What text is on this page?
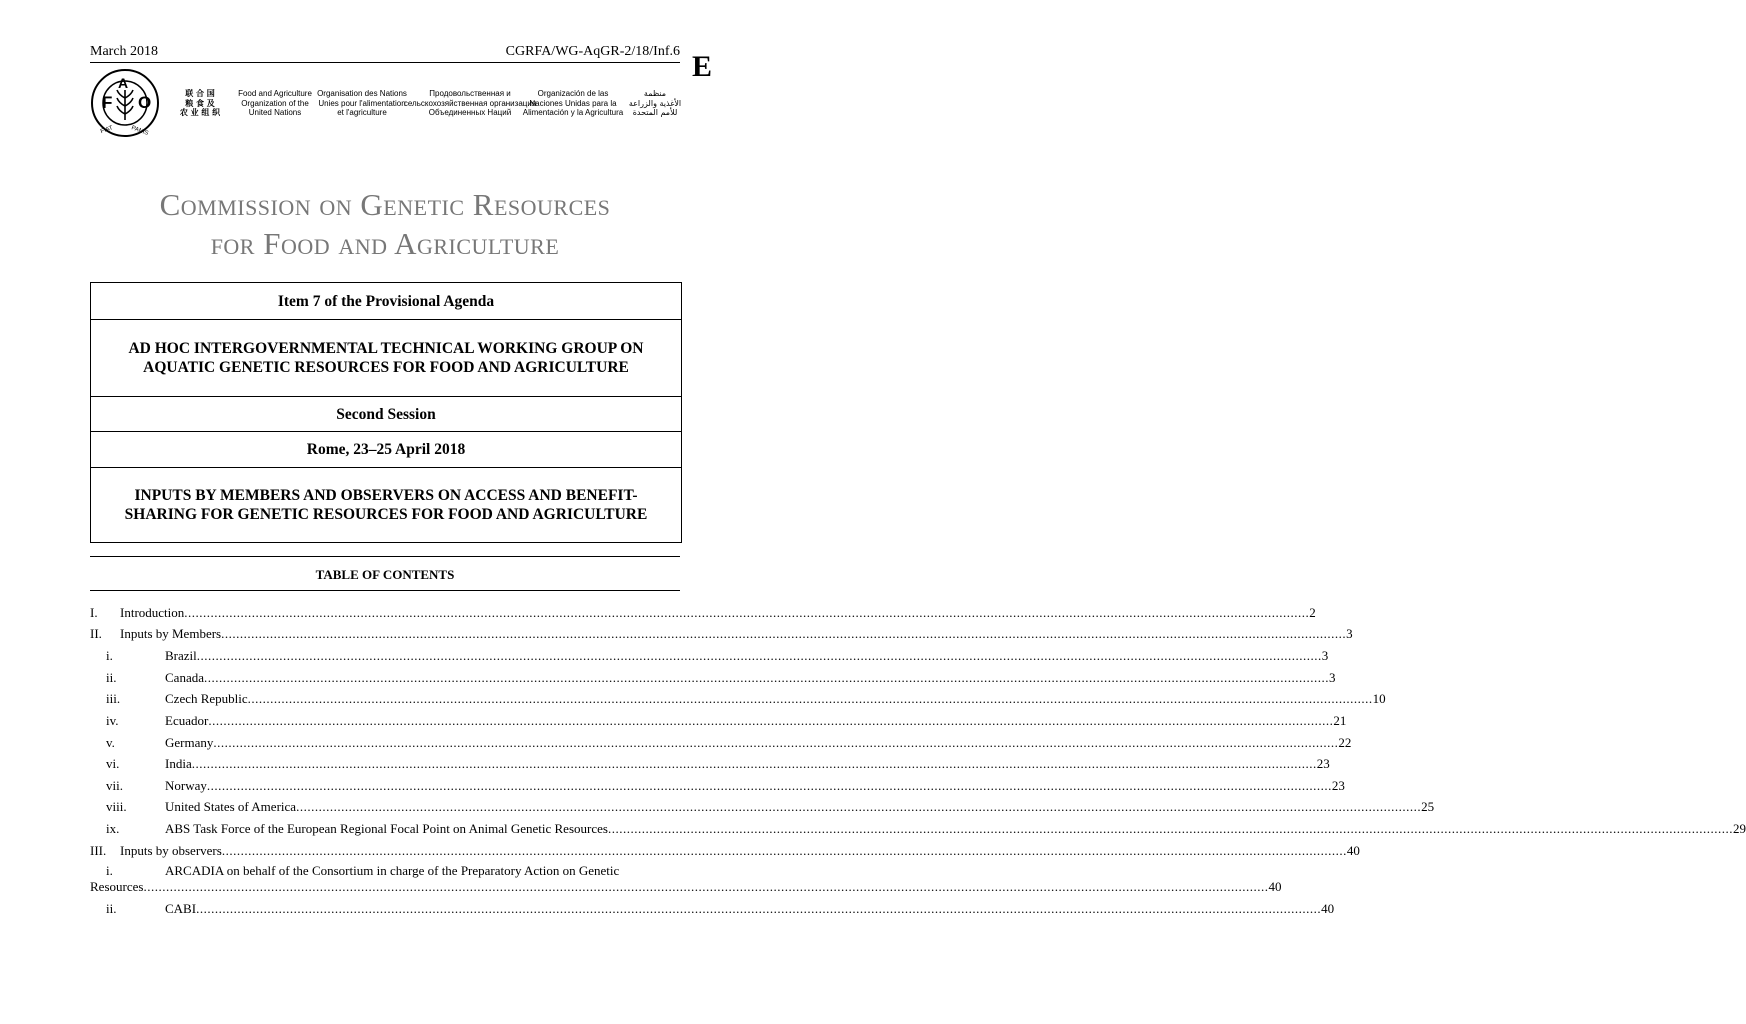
March 2018	CGRFA/WG-AqGR-2/18/Inf.6 E
F
A
O
FIAT	PANIS
联 合 国
粮 食 及
农 业 组 织
Food and Agriculture
Organization of the
United Nations
Organisation des Nations
Unies pour l'alimentation
et l'agriculture
Продовольственная и
сельскохозяйственная организация
Объединенных Наций
Organización de las
Naciones Unidas para la
Alimentación y la Agricultura
منظمة
الأغذية والزراعة
للأمم المتحدة
Commission on Genetic Resources
for Food and Agriculture
Item 7 of the Provisional Agenda
AD HOC INTERGOVERNMENTAL TECHNICAL WORKING GROUP ON AQUATIC GENETIC RESOURCES FOR FOOD AND AGRICULTURE
Second Session
Rome, 23–25 April 2018
INPUTS BY MEMBERS AND OBSERVERS ON ACCESS AND BENEFIT-SHARING FOR GENETIC RESOURCES FOR FOOD AND AGRICULTURE
TABLE OF CONTENTS
I.	Introduction ............................................................................................................................................................................................................................................................................................................ 2
II.	Inputs by Members ............................................................................................................................................................................................................................................................................................................ 3
i.	Brazil ............................................................................................................................................................................................................................................................................................................ 3
ii.	Canada ............................................................................................................................................................................................................................................................................................................ 3
iii.	Czech Republic ............................................................................................................................................................................................................................................................................................................ 10
iv.	Ecuador ............................................................................................................................................................................................................................................................................................................ 21
v.	Germany ............................................................................................................................................................................................................................................................................................................ 22
vi.	India ............................................................................................................................................................................................................................................................................................................ 23
vii.	Norway ............................................................................................................................................................................................................................................................................................................ 23
viii.	United States of America ............................................................................................................................................................................................................................................................................................................ 25
ix.	ABS Task Force of the European Regional Focal Point on Animal Genetic Resources ............................................................................................................................................................................................................................................................................................................ 29
III.	Inputs by observers ............................................................................................................................................................................................................................................................................................................ 40
i.	ARCADIA on behalf of the Consortium in charge of the Preparatory Action on Genetic
Resources ............................................................................................................................................................................................................................................................................................................ 40
ii.	CABI ............................................................................................................................................................................................................................................................................................................ 40
